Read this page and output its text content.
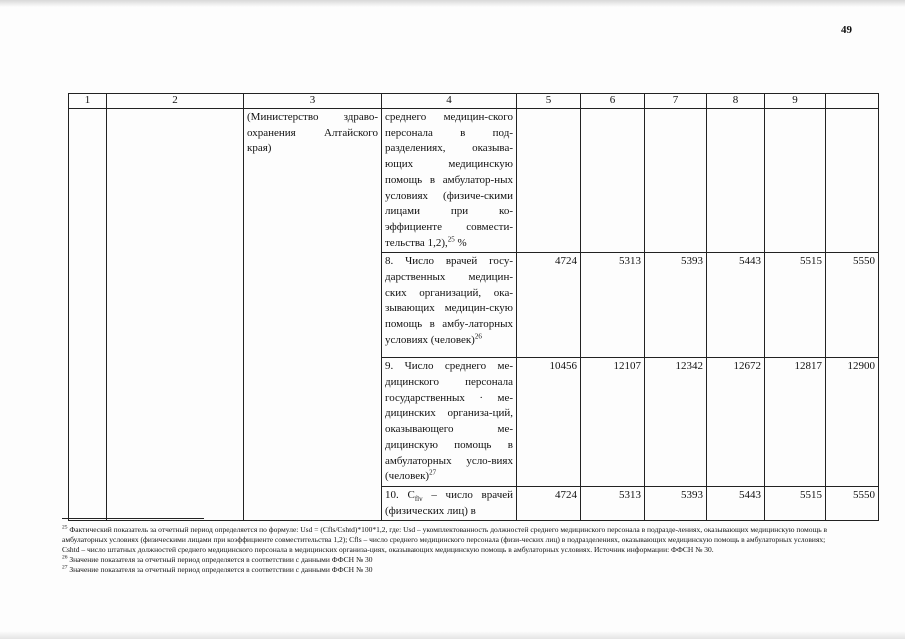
49
1	2	3	4	5	6	7	8	9	
		(Министерство здраво-охранения Алтайского края)	среднего медицин-ского персонала в под-разделениях, оказыва-ющих медицинскую помощь в амбулатор-ных условиях (физиче-скими лицами при ко-эффициенте совмести-тельства 1,2),$^{25}$ %						
			8. Число врачей госу-дарственных медицин-ских организаций, ока-зывающих медицин-скую помощь в амбу-латорных условиях (человек)$^{26}$	4724	5313	5393	5443	5515	5550
			9. Число среднего ме-дицинского персонала государственных · ме-дицинских организа-ций, оказывающего ме-дицинскую помощь в амбулаторных усло-виях (человек)$^{27}$	10456	12107	12342	12672	12817	12900
			10. $C_{flv}$ – число врачей (физических лиц) в	4724	5313	5393	5443	5515	5550

$^{25}$ Фактический показатель за отчетный период определяется по формуле: Usd = (Cfls/Cshtd)*100*1,2, где: Usd – укомплектованность должностей среднего медицинского персонала в подразде-лениях, оказывающих медицинскую помощь в амбулаторных условиях (физическими лицами при коэффициенте совместительства 1,2); Cfls – число среднего медицинского персонала (физи-ческих лиц) в подразделениях, оказывающих медицинскую помощь в амбулаторных условиях; Cshtd – число штатных должностей среднего медицинского персонала в медицинских организа-циях, оказывающих медицинскую помощь в амбулаторных условиях. Источник информации: ФФСН № 30.

$^{26}$ Значение показателя за отчетный период определяется в соответствии с данными ФФСН № 30

$^{27}$ Значение показателя за отчетный период определяется в соответствии с данными ФФСН № 30
